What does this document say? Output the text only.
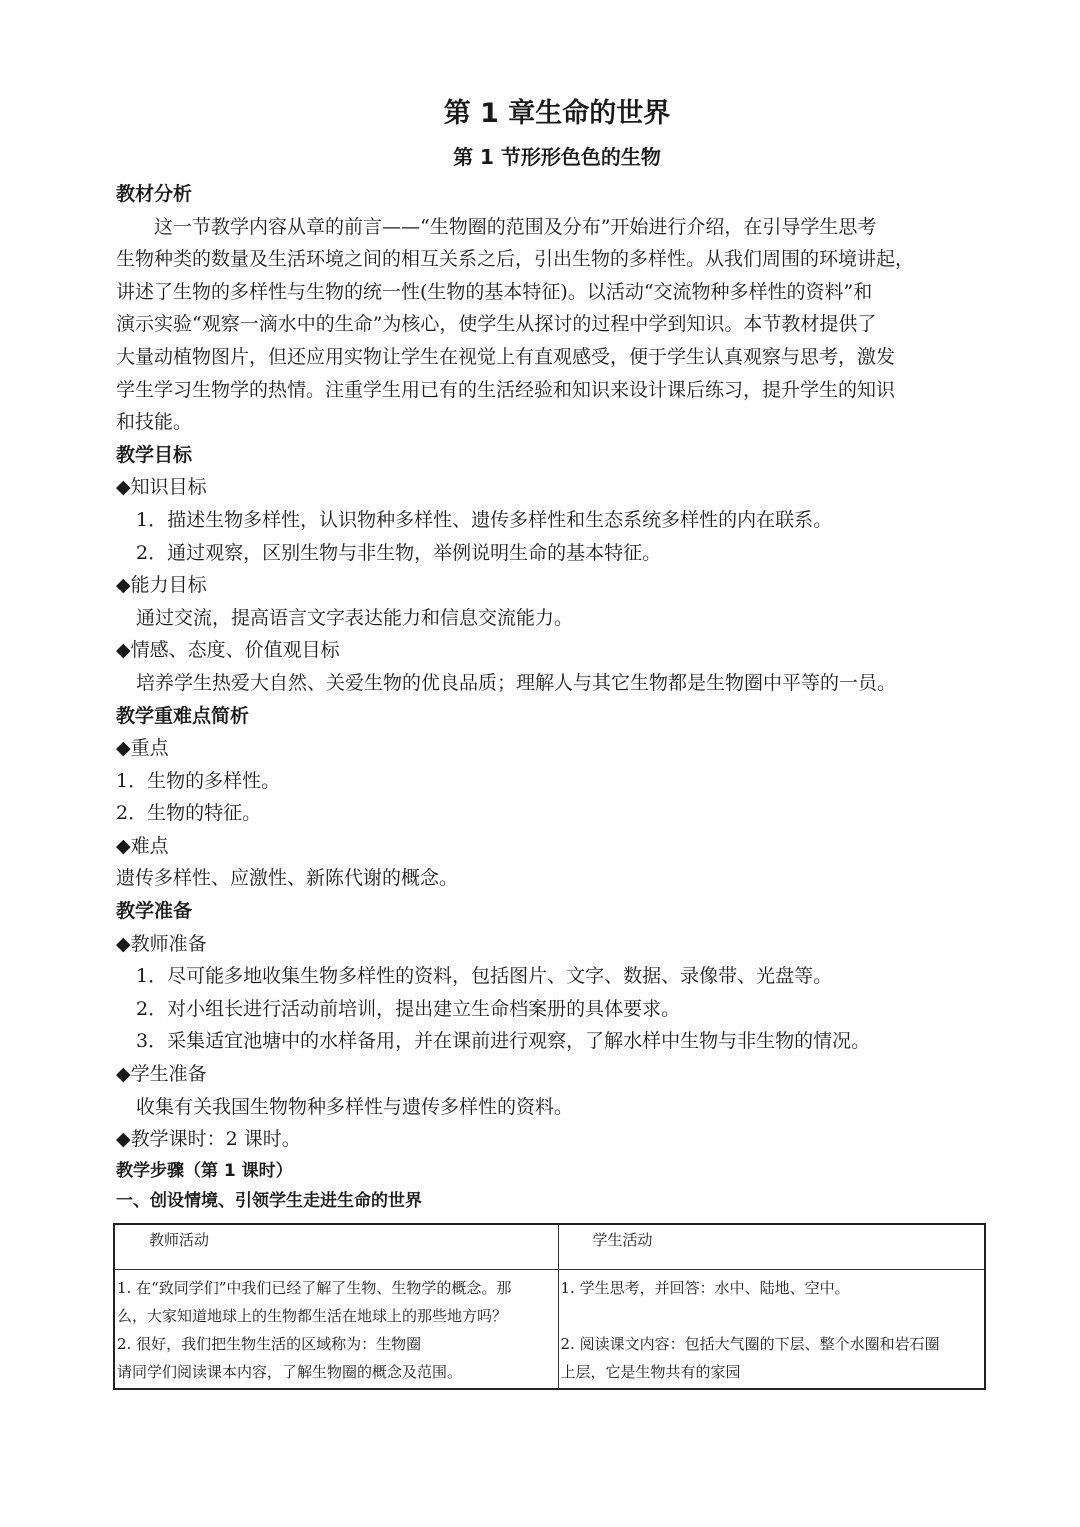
第 1 章生命的世界
第 1 节形形色色的生物
教材分析
这一节教学内容从章的前言——“生物圈的范围及分布”开始进行介绍，在引导学生思考
生物种类的数量及生活环境之间的相互关系之后，引出生物的多样性。从我们周围的环境讲起，
讲述了生物的多样性与生物的统一性(生物的基本特征)。以活动“交流物种多样性的资料”和
演示实验“观察一滴水中的生命”为核心，使学生从探讨的过程中学到知识。本节教材提供了
大量动植物图片，但还应用实物让学生在视觉上有直观感受，便于学生认真观察与思考，激发
学生学习生物学的热情。注重学生用已有的生活经验和知识来设计课后练习，提升学生的知识
和技能。
教学目标
◆知识目标
1．描述生物多样性，认识物种多样性、遗传多样性和生态系统多样性的内在联系。
2．通过观察，区别生物与非生物，举例说明生命的基本特征。
◆能力目标
通过交流，提高语言文字表达能力和信息交流能力。
◆情感、态度、价值观目标
培养学生热爱大自然、关爱生物的优良品质；理解人与其它生物都是生物圈中平等的一员。
教学重难点简析
◆重点
1．生物的多样性。
2．生物的特征。
◆难点
遗传多样性、应激性、新陈代谢的概念。
教学准备
◆教师准备
1．尽可能多地收集生物多样性的资料，包括图片、文字、数据、录像带、光盘等。
2．对小组长进行活动前培训，提出建立生命档案册的具体要求。
3．采集适宜池塘中的水样备用，并在课前进行观察，了解水样中生物与非生物的情况。
◆学生准备
收集有关我国生物物种多样性与遗传多样性的资料。
◆教学课时：2 课时。
教学步骤（第 1 课时）
一、创设情境、引领学生走进生命的世界
教师活动	学生活动

1. 在“致同学们”中我们已经了解了生物、生物学的概念。那
么，大家知道地球上的生物都生活在地球上的那些地方吗？
2. 很好，我们把生物生活的区域称为：生物圈
请同学们阅读课本内容，了解生物圈的概念及范围。	1. 学生思考，并回答：水中、陆地、空中。
2. 阅读课文内容：包括大气圈的下层、整个水圈和岩石圈
上层，它是生物共有的家园
